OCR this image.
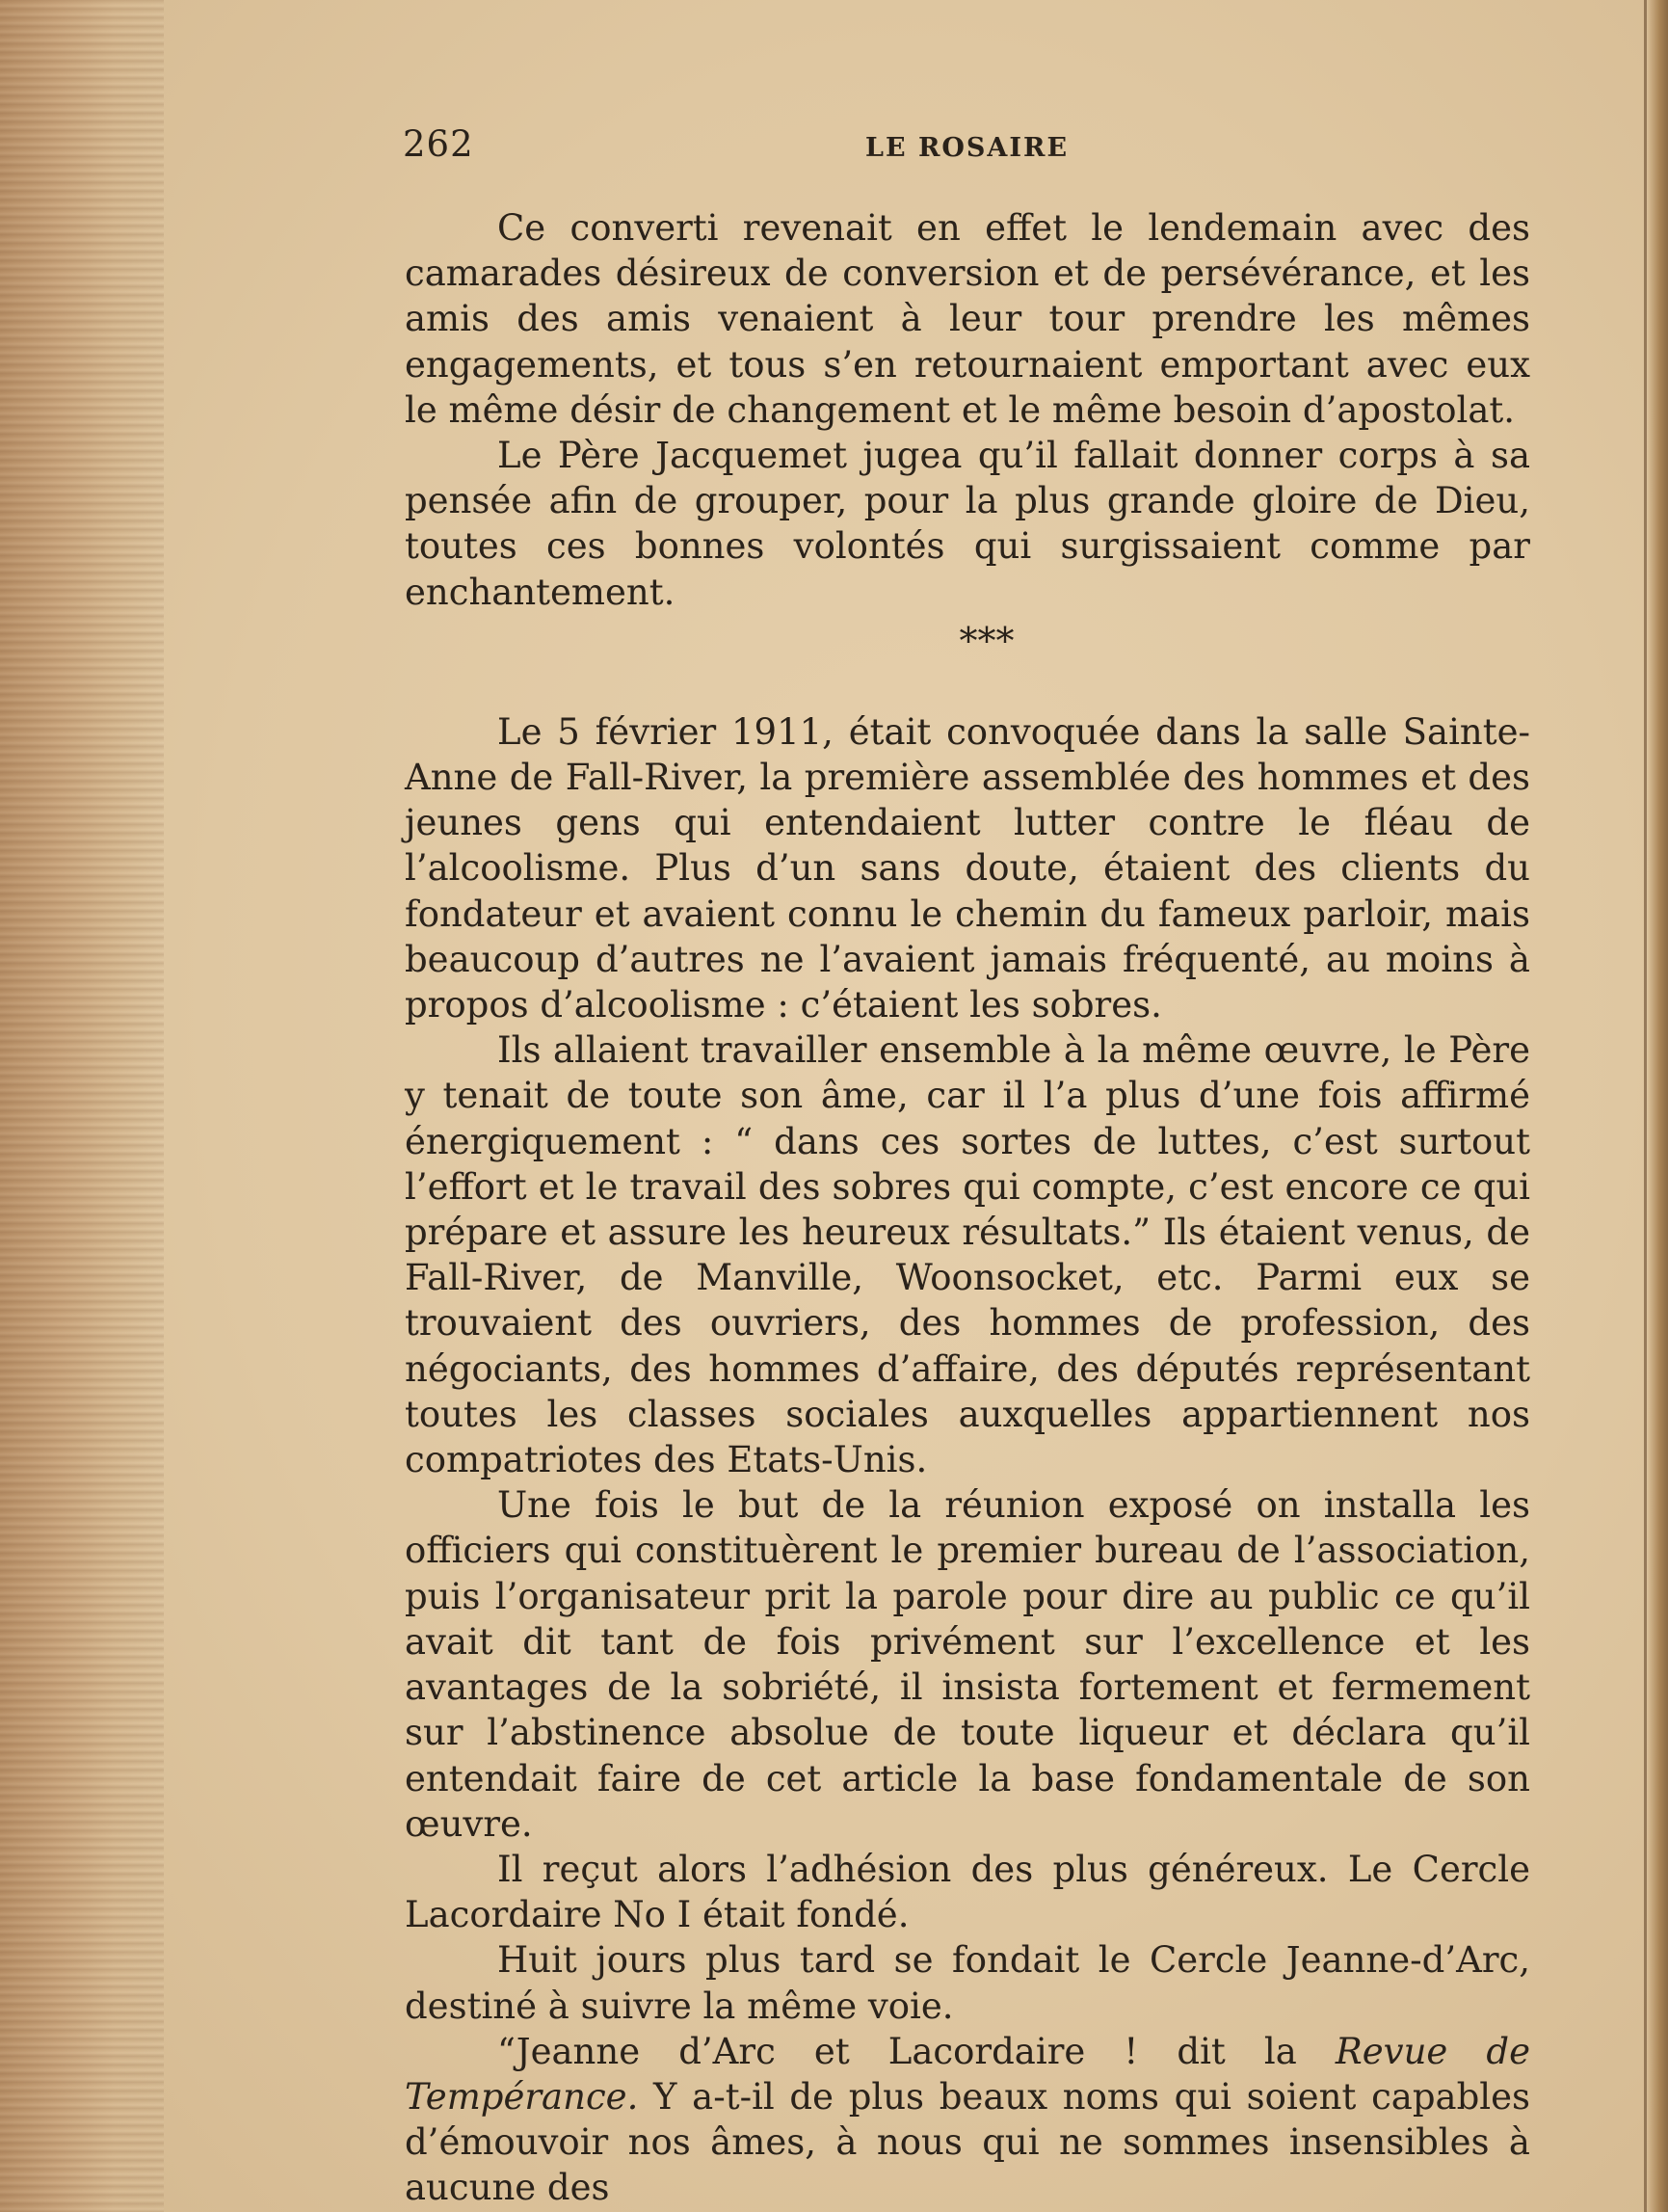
262	LE ROSAIRE

Ce converti revenait en effet le lendemain avec des camarades désireux de conversion et de persévérance, et les amis des amis venaient à leur tour prendre les mêmes engagements, et tous s’en retournaient emportant avec eux le même désir de changement et le même besoin d’apostolat.

Le Père Jacquemet jugea qu’il fallait donner corps à sa pensée afin de grouper, pour la plus grande gloire de Dieu, toutes ces bonnes volontés qui surgissaient comme par enchantement.

***

Le 5 février 1911, était convoquée dans la salle Sainte-Anne de Fall-River, la première assemblée des hommes et des jeunes gens qui entendaient lutter contre le fléau de l’alcoolisme. Plus d’un sans doute, étaient des clients du fondateur et avaient connu le chemin du fameux parloir, mais beaucoup d’autres ne l’avaient jamais fréquenté, au moins à propos d’alcoolisme : c’étaient les sobres.

Ils allaient travailler ensemble à la même œuvre, le Père y tenait de toute son âme, car il l’a plus d’une fois affirmé énergiquement : “ dans ces sortes de luttes, c’est surtout l’effort et le travail des sobres qui compte, c’est encore ce qui prépare et assure les heureux résultats.” Ils étaient venus, de Fall-River, de Manville, Woonsocket, etc. Parmi eux se trouvaient des ouvriers, des hommes de profession, des négociants, des hommes d’affaire, des députés représentant toutes les classes sociales auxquelles appartiennent nos compatriotes des Etats-Unis.

Une fois le but de la réunion exposé on installa les officiers qui constituèrent le premier bureau de l’association, puis l’organisateur prit la parole pour dire au public ce qu’il avait dit tant de fois privément sur l’excellence et les avantages de la sobriété, il insista fortement et fermement sur l’abstinence absolue de toute liqueur et déclara qu’il entendait faire de cet article la base fondamentale de son œuvre.

Il reçut alors l’adhésion des plus généreux. Le Cercle Lacordaire No I était fondé.

Huit jours plus tard se fondait le Cercle Jeanne-d’Arc, destiné à suivre la même voie.

“Jeanne d’Arc et Lacordaire ! dit la Revue de Tempérance. Y a-t-il de plus beaux noms qui soient capables d’émouvoir nos âmes, à nous qui ne sommes insensibles à aucune des
